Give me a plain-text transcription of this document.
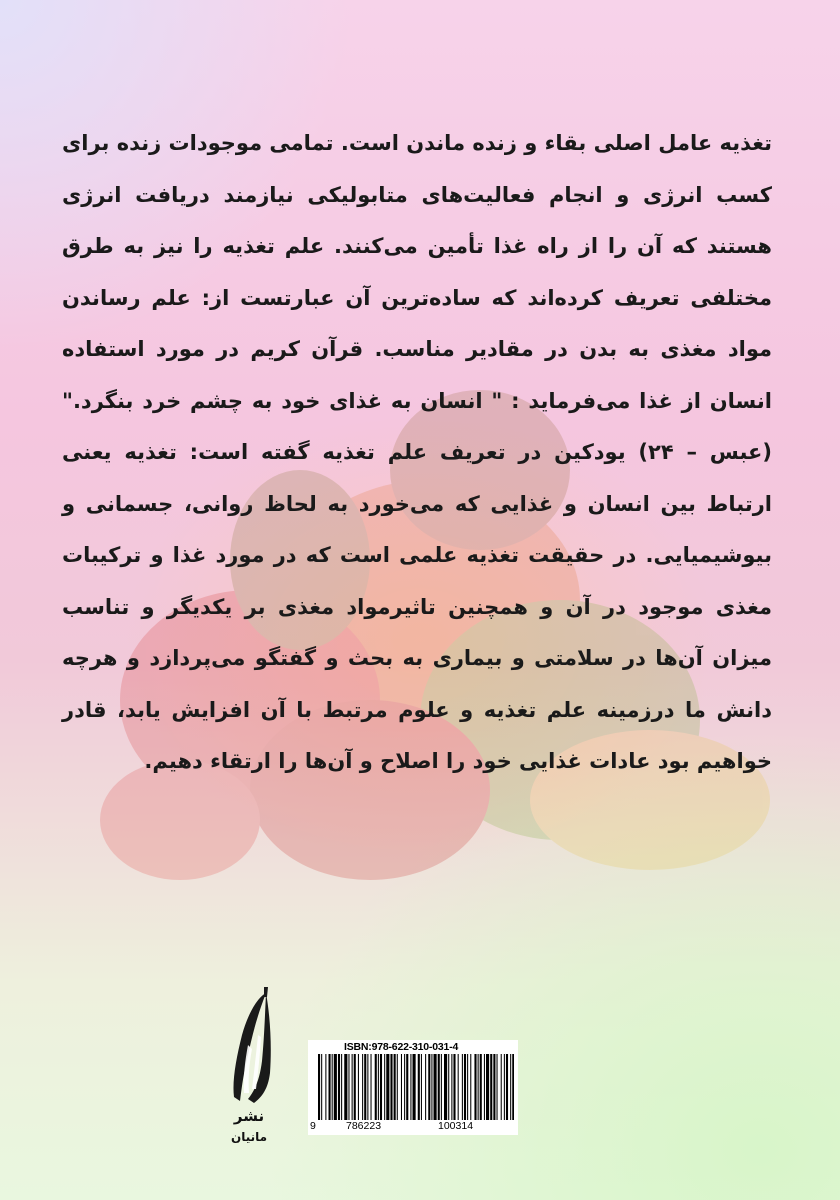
تغذیه عامل اصلی بقاء و زنده ماندن است. تمامی موجودات زنده برای کسب انرژی و انجام فعالیت‌های متابولیکی نیازمند دریافت انرژی هستند که آن را از راه غذا تأمین می‌کنند. علم تغذیه را نیز به طرق مختلفی تعریف کرده‌اند که ساده‌ترین آن عبارتست از: علم رساندن مواد مغذی به بدن در مقادیر مناسب. قرآن کریم در مورد استفاده انسان از غذا می‌فرماید : " انسان به غذای خود به چشم خرد بنگرد." (عبس – ۲۴) یودکین در تعریف علم تغذیه گفته است: تغذیه یعنی ارتباط بین انسان و غذایی که می‌خورد به لحاظ روانی، جسمانی و بیوشیمیایی. در حقیقت تغذیه علمی است که در مورد غذا و ترکیبات مغذی موجود در آن و همچنین تاثیرمواد مغذی بر یکدیگر و تناسب میزان آن‌ها در سلامتی و بیماری به بحث و گفتگو می‌پردازد و هرچه دانش ما درزمینه علم تغذیه و علوم مرتبط با آن افزایش یابد، قادر خواهیم بود عادات غذایی خود را اصلاح و آن‌ها را ارتقاء دهیم.
نشر
مانیان
ISBN:978-622-310-031-4
9	786223	100314
